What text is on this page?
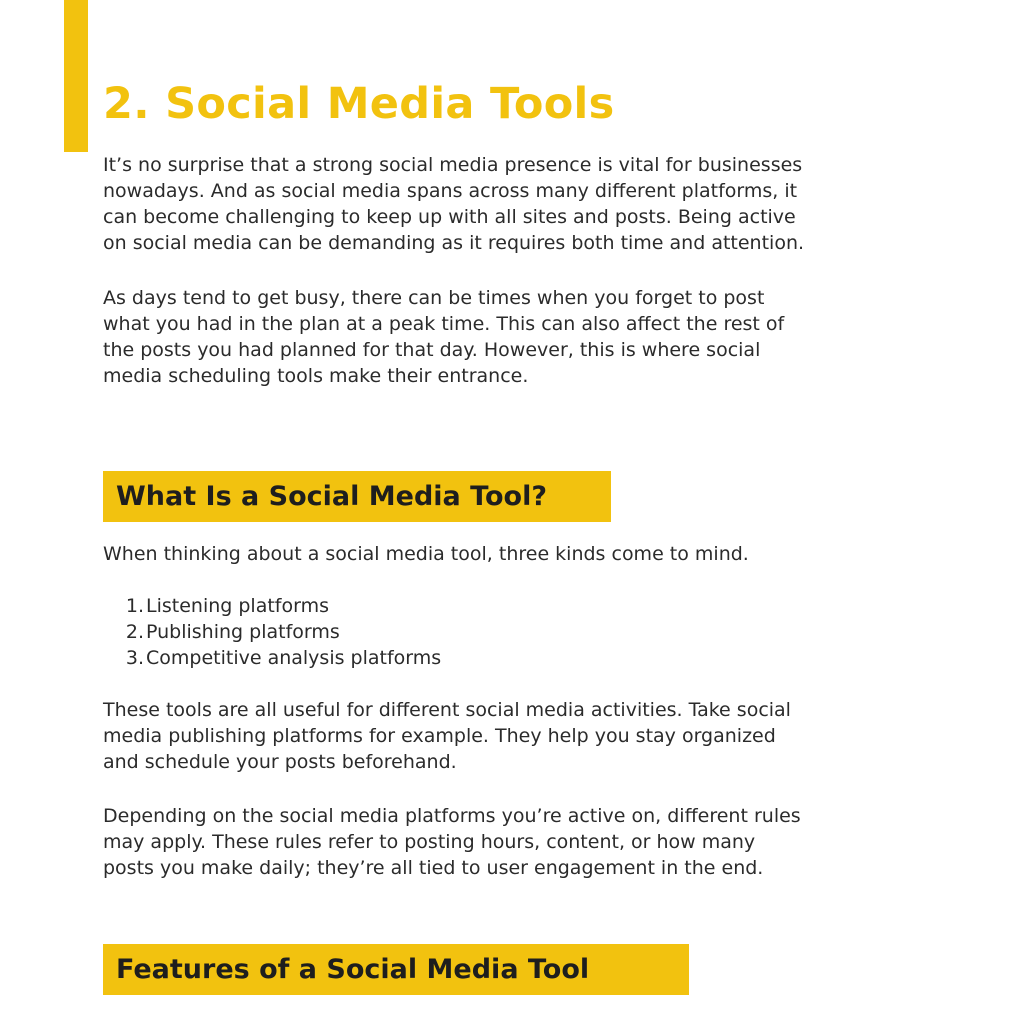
2. Social Media Tools

It’s no surprise that a strong social media presence is vital for businesses
nowadays. And as social media spans across many different platforms, it
can become challenging to keep up with all sites and posts. Being active
on social media can be demanding as it requires both time and attention.

As days tend to get busy, there can be times when you forget to post
what you had in the plan at a peak time. This can also affect the rest of
the posts you had planned for that day. However, this is where social
media scheduling tools make their entrance.

What Is a Social Media Tool?

When thinking about a social media tool, three kinds come to mind.

1. Listening platforms
2. Publishing platforms
3. Competitive analysis platforms

These tools are all useful for different social media activities. Take social
media publishing platforms for example. They help you stay organized
and schedule your posts beforehand.

Depending on the social media platforms you’re active on, different rules
may apply. These rules refer to posting hours, content, or how many
posts you make daily; they’re all tied to user engagement in the end.

Features of a Social Media Tool
